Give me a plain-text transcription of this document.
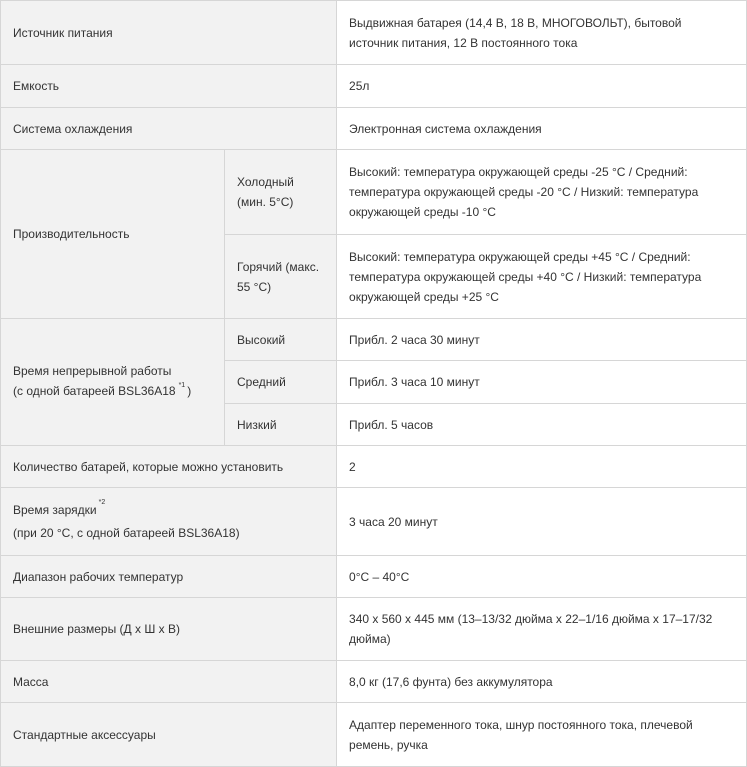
Источник питания		Выдвижная батарея (14,4 В, 18 В, МНОГОВОЛЬТ), бытовой источник питания, 12 В постоянного тока
Емкость		25л
Система охлаждения		Электронная система охлаждения
Производительность	Холодный (мин. 5°C)	Высокий: температура окружающей среды -25 °C / Средний: температура окружающей среды -20 °C / Низкий: температура окружающей среды -10 °C
	Горячий (макс. 55 °C)	Высокий: температура окружающей среды +45 °C / Средний: температура окружающей среды +40 °C / Низкий: температура окружающей среды +25 °C
Время непрерывной работы
(с одной батареей BSL36A18 $^{*1}$ )	Высокий	Прибл. 2 часа 30 минут
	Средний	Прибл. 3 часа 10 минут
	Низкий	Прибл. 5 часов
Количество батарей, которые можно установить		2
Время зарядки$^{*2}$
(при 20 °C, с одной батареей BSL36A18)		3 часа 20 минут
Диапазон рабочих температур		0°C – 40°C
Внешние размеры (Д x Ш x В)		340 x 560 x 445 мм (13–13/32 дюйма x 22–1/16 дюйма x 17–17/32 дюйма)
Масса		8,0 кг (17,6 фунта) без аккумулятора
Стандартные аксессуары		Адаптер переменного тока, шнур постоянного тока, плечевой ремень, ручка
